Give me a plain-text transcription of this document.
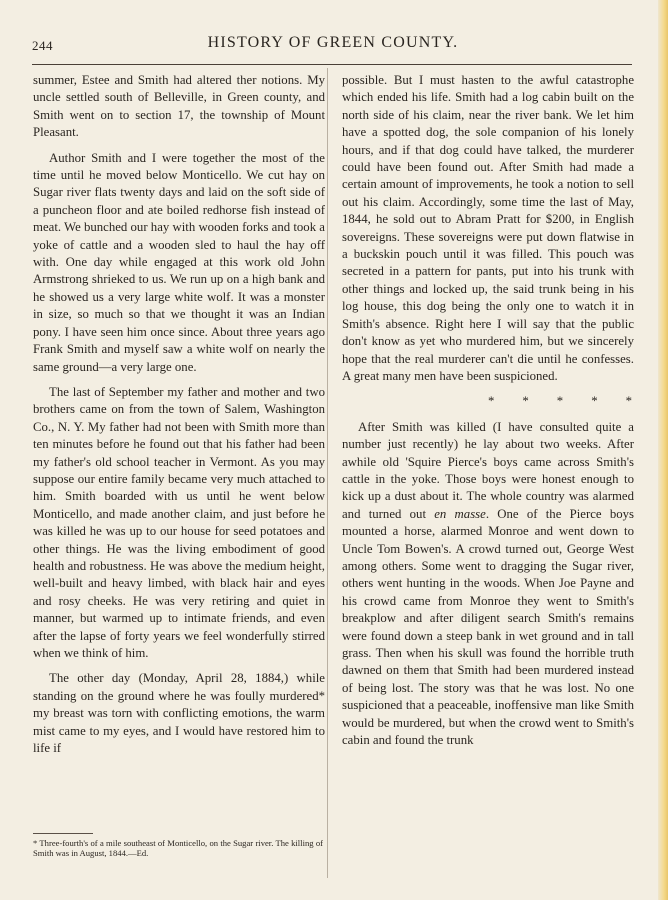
244	HISTORY OF GREEN COUNTY.

summer, Estee and Smith had altered ther notions. My uncle settled south of Belleville, in Green county, and Smith went on to section 17, the township of Mount Pleasant.

Author Smith and I were together the most of the time until he moved below Monticello. We cut hay on Sugar river flats twenty days and laid on the soft side of a puncheon floor and ate boiled redhorse fish instead of meat. We bunched our hay with wooden forks and took a yoke of cattle and a wooden sled to haul the hay off with. One day while engaged at this work old John Armstrong shrieked to us. We run up on a high bank and he showed us a very large white wolf. It was a monster in size, so much so that we thought it was an Indian pony. I have seen him once since. About three years ago Frank Smith and myself saw a white wolf on nearly the same ground—a very large one.

The last of September my father and mother and two brothers came on from the town of Salem, Washington Co., N. Y. My father had not been with Smith more than ten minutes before he found out that his father had been my father's old school teacher in Vermont. As you may suppose our entire family became very much attached to him. Smith boarded with us until he went below Monticello, and made another claim, and just before he was killed he was up to our house for seed potatoes and other things. He was the living embodiment of good health and robustness. He was above the medium height, well-built and heavy limbed, with black hair and eyes and rosy cheeks. He was very retiring and quiet in manner, but warmed up to intimate friends, and even after the lapse of forty years we feel wonderfully stirred when we think of him.

The other day (Monday, April 28, 1884,) while standing on the ground where he was foully murdered* my breast was torn with conflicting emotions, the warm mist came to my eyes, and I would have restored him to life if

* Three-fourth's of a mile southeast of Monticello, on the Sugar river. The killing of Smith was in August, 1844.—Ed.

possible. But I must hasten to the awful catastrophe which ended his life. Smith had a log cabin built on the north side of his claim, near the river bank. We let him have a spotted dog, the sole companion of his lonely hours, and if that dog could have talked, the murderer could have been found out. After Smith had made a certain amount of improvements, he took a notion to sell out his claim. Accordingly, some time the last of May, 1844, he sold out to Abram Pratt for $200, in English sovereigns. These sovereigns were put down flatwise in a buckskin pouch until it was filled. This pouch was secreted in a pattern for pants, put into his trunk with other things and locked up, the said trunk being in his log house, this dog being the only one to watch it in Smith's absence. Right here I will say that the public don't know as yet who murdered him, but we sincerely hope that the real murderer can't die until he confesses. A great many men have been suspicioned.

*     *     *     *     *

After Smith was killed (I have consulted quite a number just recently) he lay about two weeks. After awhile old 'Squire Pierce's boys came across Smith's cattle in the yoke. Those boys were honest enough to kick up a dust about it. The whole country was alarmed and turned out en masse. One of the Pierce boys mounted a horse, alarmed Monroe and went down to Uncle Tom Bowen's. A crowd turned out, George West among others. Some went to dragging the Sugar river, others went hunting in the woods. When Joe Payne and his crowd came from Monroe they went to Smith's breakplow and after diligent search Smith's remains were found down a steep bank in wet ground and in tall grass. Then when his skull was found the horrible truth dawned on them that Smith had been murdered instead of being lost. The story was that he was lost. No one suspicioned that a peaceable, inoffensive man like Smith would be murdered, but when the crowd went to Smith's cabin and found the trunk
